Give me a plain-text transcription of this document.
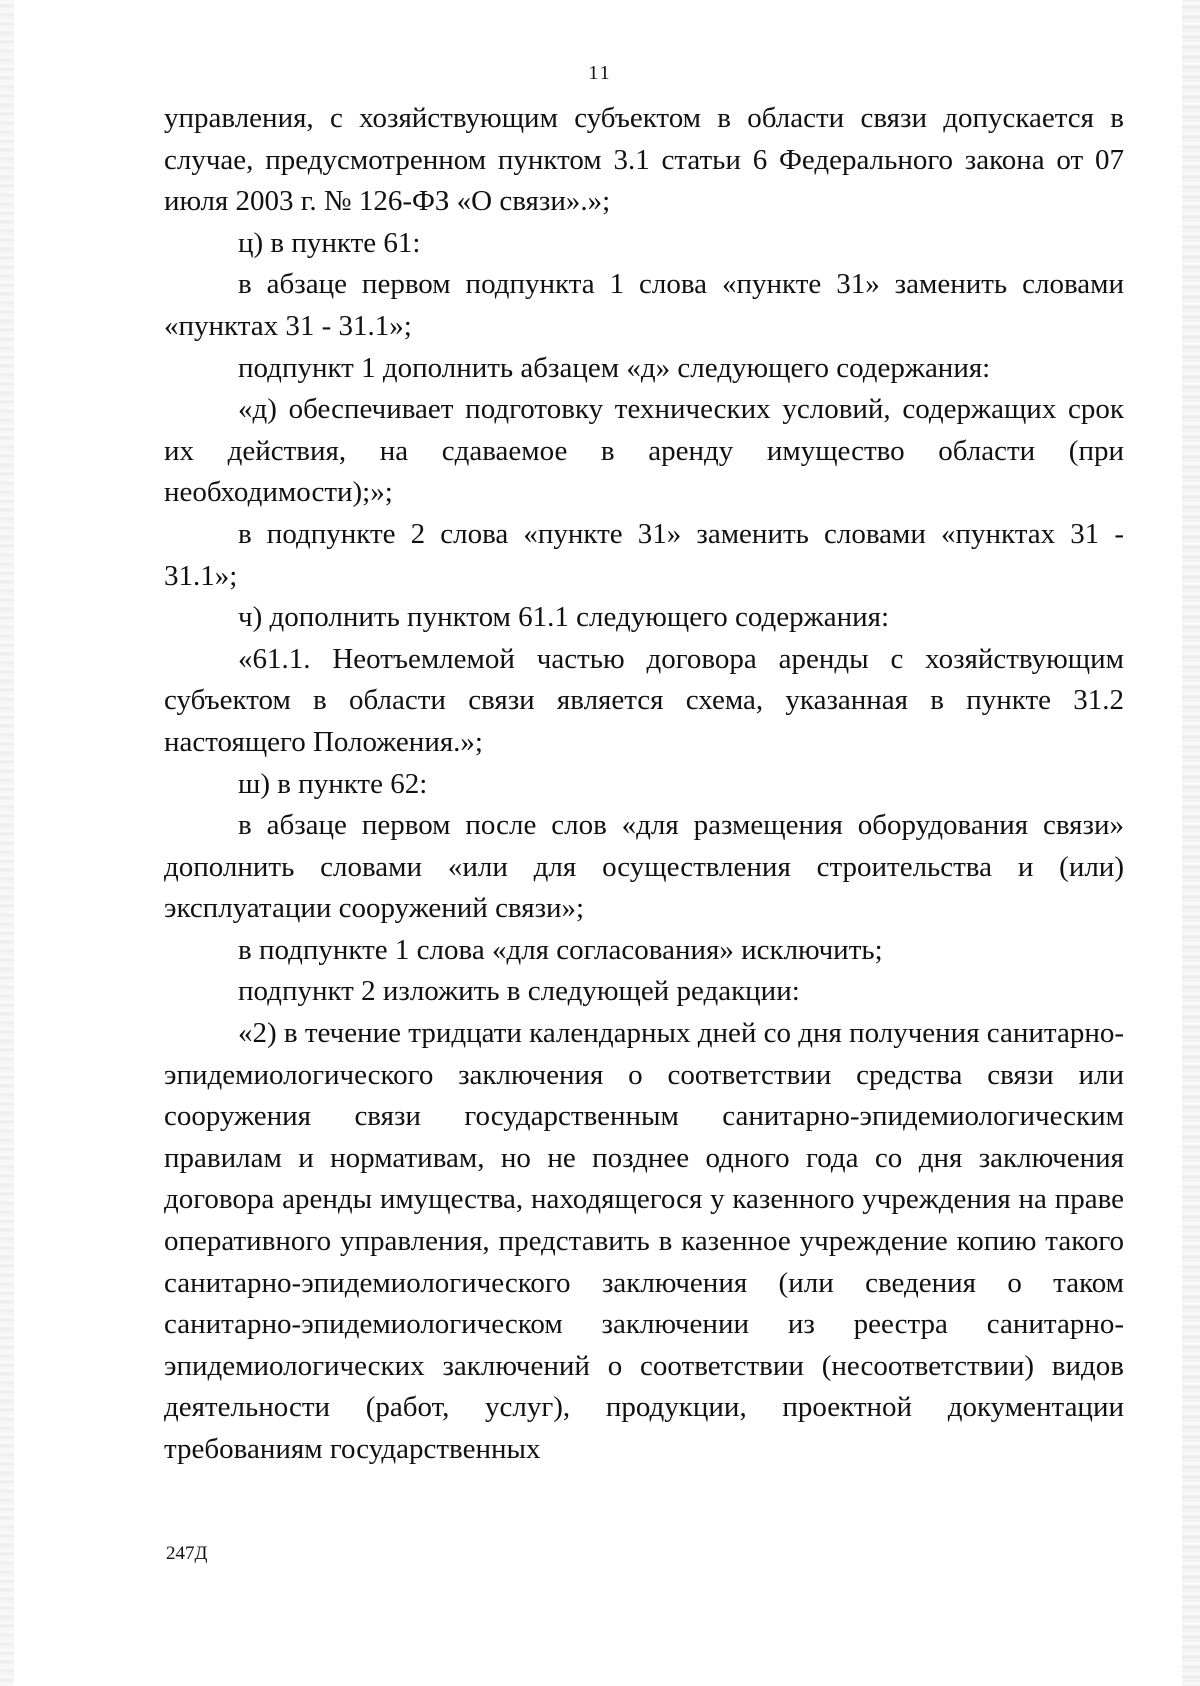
11

управления, с хозяйствующим субъектом в области связи допускается в случае, предусмотренном пунктом 3.1 статьи 6 Федерального закона от 07 июля 2003 г. № 126-ФЗ «О связи».»;

ц) в пункте 61:

в абзаце первом подпункта 1 слова «пункте 31» заменить словами «пунктах 31 - 31.1»;

подпункт 1 дополнить абзацем «д» следующего содержания:

«д) обеспечивает подготовку технических условий, содержащих срок их действия, на сдаваемое в аренду имущество области (при необходимости);»;

в подпункте 2 слова «пункте 31» заменить словами «пунктах 31 - 31.1»;

ч) дополнить пунктом 61.1 следующего содержания:

«61.1. Неотъемлемой частью договора аренды с хозяйствующим субъектом в области связи является схема, указанная в пункте 31.2 настоящего Положения.»;

ш) в пункте 62:

в абзаце первом после слов «для размещения оборудования связи» дополнить словами «или для осуществления строительства и (или) эксплуатации сооружений связи»;

в подпункте 1 слова «для согласования» исключить;

подпункт 2 изложить в следующей редакции:

«2) в течение тридцати календарных дней со дня получения санитарно-эпидемиологического заключения о соответствии средства связи или сооружения связи государственным санитарно-эпидемиологическим правилам и нормативам, но не позднее одного года со дня заключения договора аренды имущества, находящегося у казенного учреждения на праве оперативного управления, представить в казенное учреждение копию такого санитарно-эпидемиологического заключения (или сведения о таком санитарно-эпидемиологическом заключении из реестра санитарно-эпидемиологических заключений о соответствии (несоответствии) видов деятельности (работ, услуг), продукции, проектной документации требованиям государственных

247Д
